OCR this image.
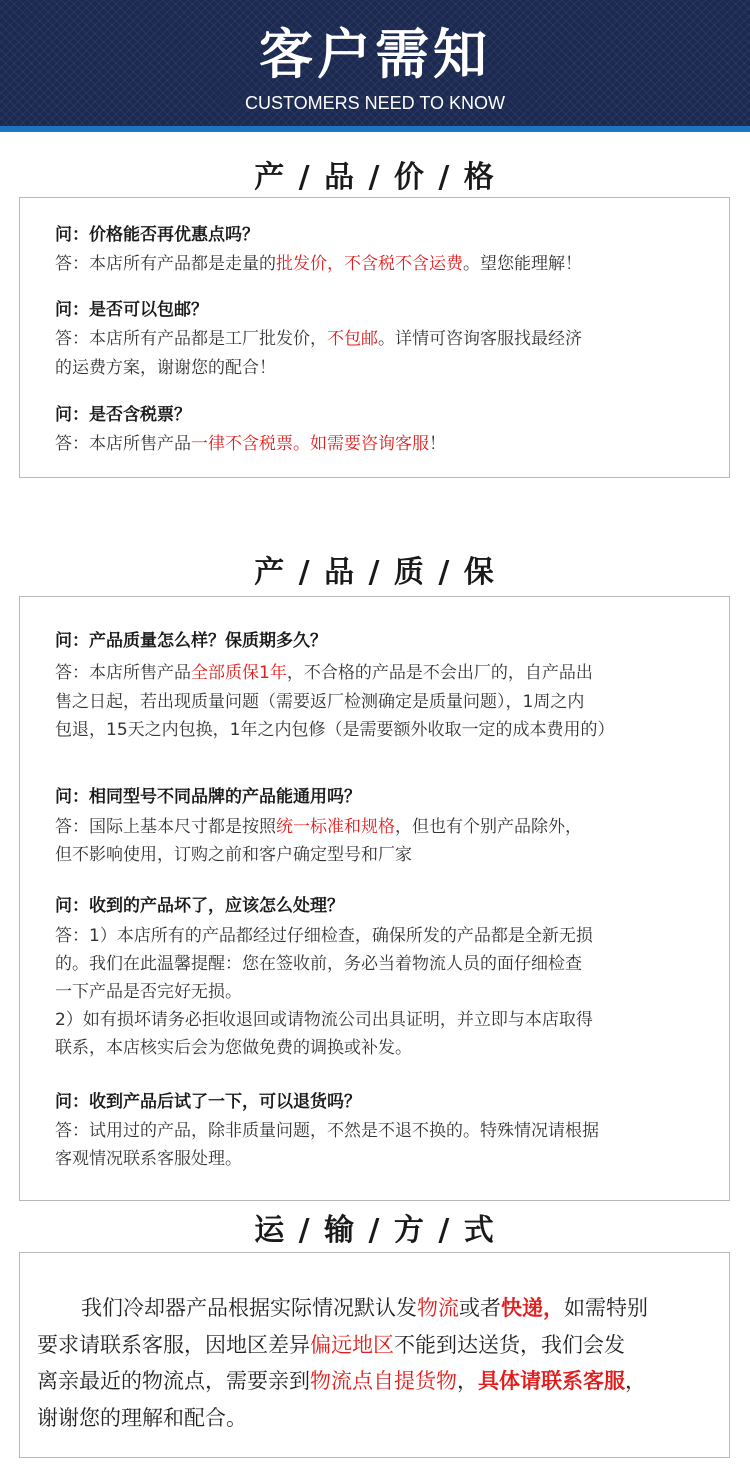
客户需知
CUSTOMERS NEED TO KNOW
产 / 品 / 价 / 格
问：价格能否再优惠点吗？
答：本店所有产品都是走量的批发价，不含税不含运费。望您能理解！
问：是否可以包邮？
答：本店所有产品都是工厂批发价，不包邮。详情可咨询客服找最经济
的运费方案，谢谢您的配合！
问：是否含税票？
答：本店所售产品一律不含税票。如需要咨询客服！
产 / 品 / 质 / 保
问：产品质量怎么样？保质期多久？
答：本店所售产品全部质保1年，不合格的产品是不会出厂的，自产品出
售之日起，若出现质量问题（需要返厂检测确定是质量问题），1周之内
包退，15天之内包换，1年之内包修（是需要额外收取一定的成本费用的）
问：相同型号不同品牌的产品能通用吗？
答：国际上基本尺寸都是按照统一标准和规格，但也有个别产品除外，
但不影响使用，订购之前和客户确定型号和厂家
问：收到的产品坏了，应该怎么处理？
答：1）本店所有的产品都经过仔细检查，确保所发的产品都是全新无损
的。我们在此温馨提醒：您在签收前，务必当着物流人员的面仔细检查
一下产品是否完好无损。
2）如有损坏请务必拒收退回或请物流公司出具证明，并立即与本店取得
联系，本店核实后会为您做免费的调换或补发。
问：收到产品后试了一下，可以退货吗？
答：试用过的产品，除非质量问题，不然是不退不换的。特殊情况请根据
客观情况联系客服处理。
运 / 输 / 方 / 式
我们冷却器产品根据实际情况默认发物流或者快递，如需特别
要求请联系客服，因地区差异偏远地区不能到达送货，我们会发
离亲最近的物流点，需要亲到物流点自提货物，具体请联系客服，
谢谢您的理解和配合。
